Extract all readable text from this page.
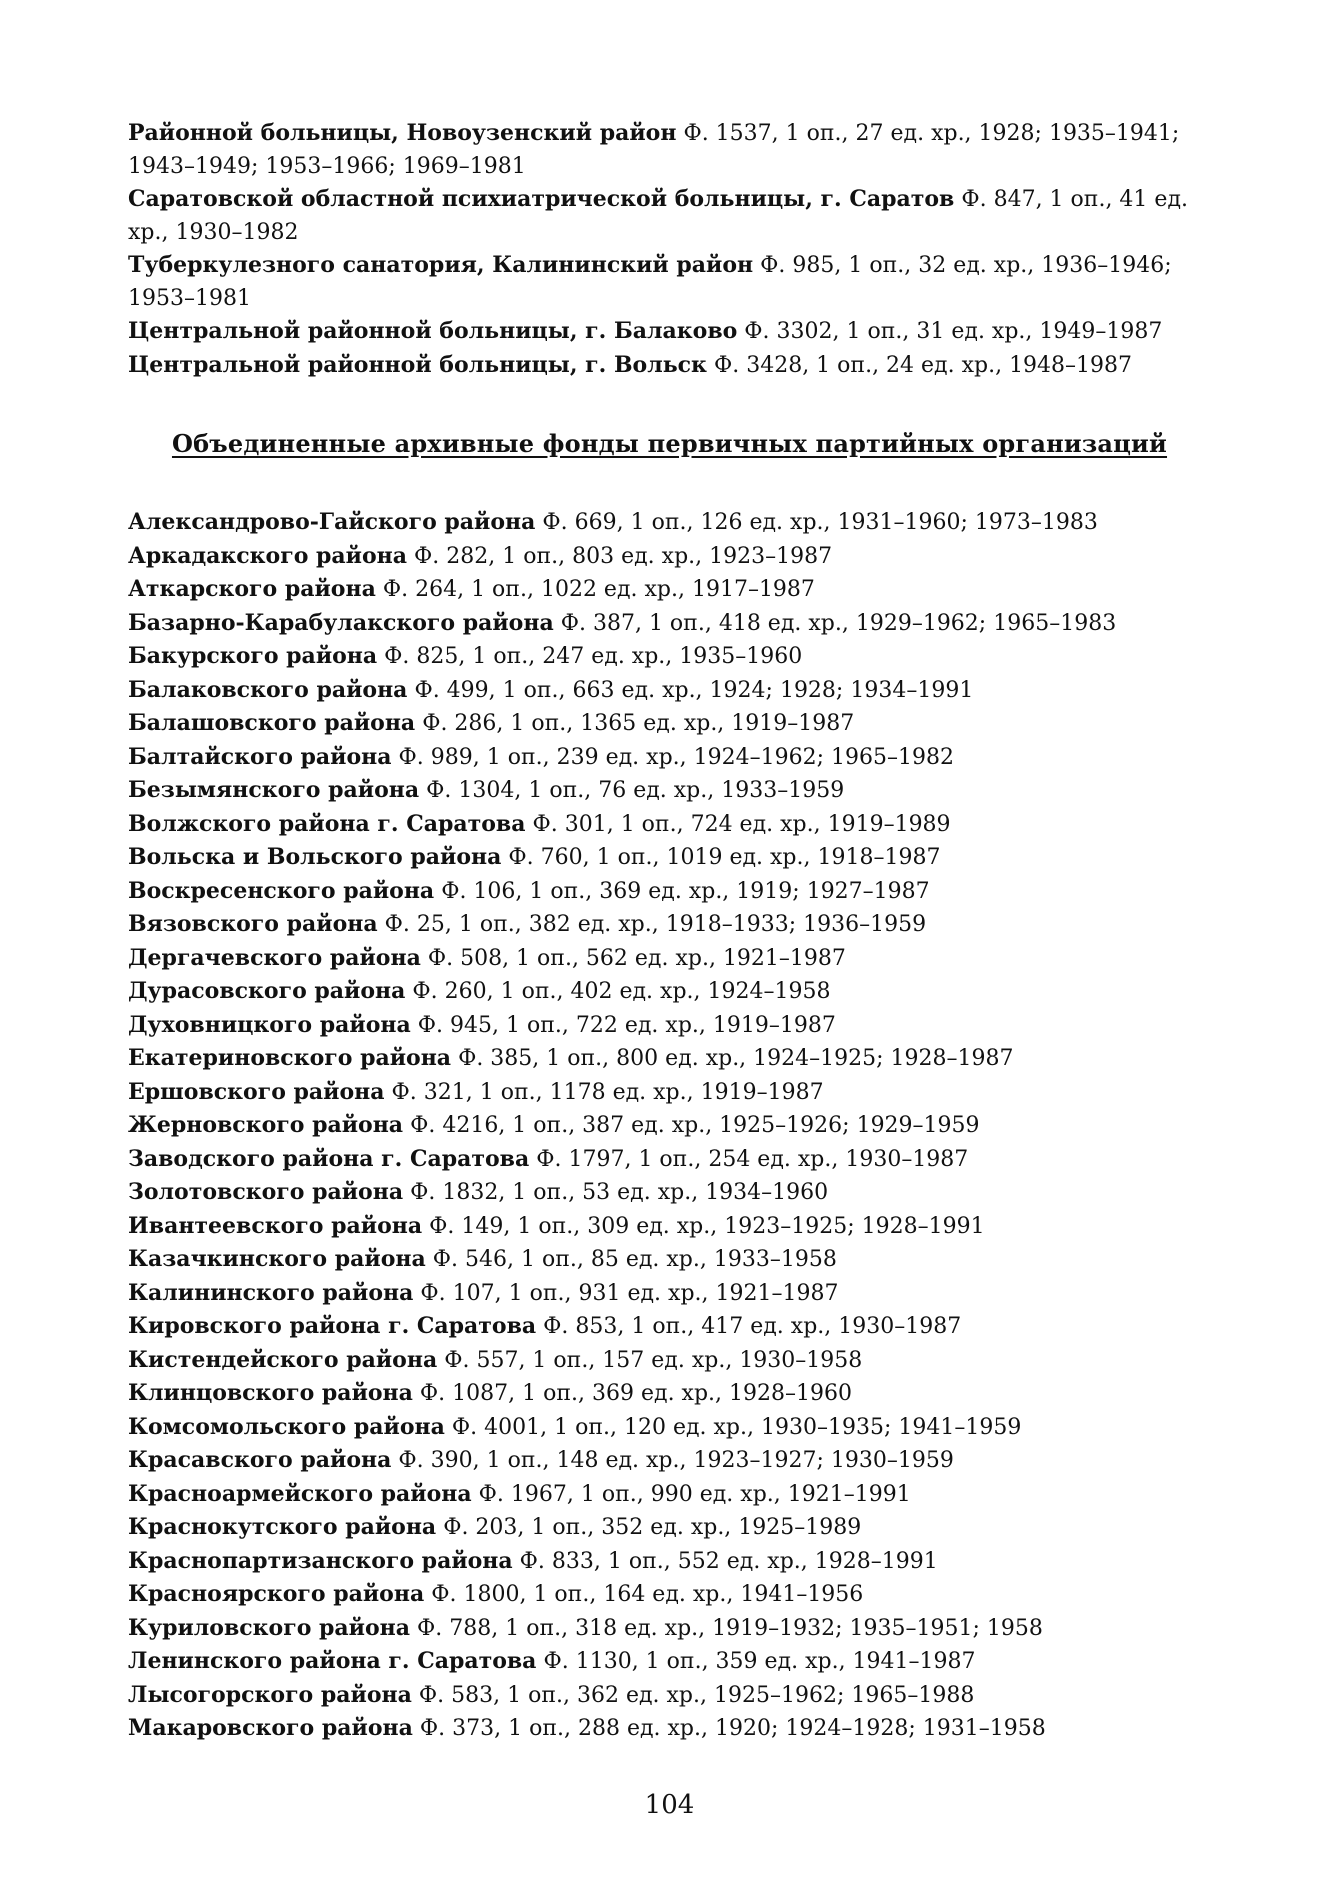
Районной больницы, Новоузенский район Ф. 1537, 1 оп., 27 ед. хр., 1928; 1935–1941; 1943–1949; 1953–1966; 1969–1981

Саратовской областной психиатрической больницы, г. Саратов Ф. 847, 1 оп., 41 ед. хр., 1930–1982

Туберкулезного санатория, Калининский район Ф. 985, 1 оп., 32 ед. хр., 1936–1946; 1953–1981

Центральной районной больницы, г. Балаково Ф. 3302, 1 оп., 31 ед. хр., 1949–1987

Центральной районной больницы, г. Вольск Ф. 3428, 1 оп., 24 ед. хр., 1948–1987

Объединенные архивные фонды первичных партийных организаций

Александрово-Гайского района Ф. 669, 1 оп., 126 ед. хр., 1931–1960; 1973–1983

Аркадакского района Ф. 282, 1 оп., 803 ед. хр., 1923–1987

Аткарского района Ф. 264, 1 оп., 1022 ед. хр., 1917–1987

Базарно-Карабулакского района Ф. 387, 1 оп., 418 ед. хр., 1929–1962; 1965–1983

Бакурского района Ф. 825, 1 оп., 247 ед. хр., 1935–1960

Балаковского района Ф. 499, 1 оп., 663 ед. хр., 1924; 1928; 1934–1991

Балашовского района Ф. 286, 1 оп., 1365 ед. хр., 1919–1987

Балтайского района Ф. 989, 1 оп., 239 ед. хр., 1924–1962; 1965–1982

Безымянского района Ф. 1304, 1 оп., 76 ед. хр., 1933–1959

Волжского района г. Саратова Ф. 301, 1 оп., 724 ед. хр., 1919–1989

Вольска и Вольского района Ф. 760, 1 оп., 1019 ед. хр., 1918–1987

Воскресенского района Ф. 106, 1 оп., 369 ед. хр., 1919; 1927–1987

Вязовского района Ф. 25, 1 оп., 382 ед. хр., 1918–1933; 1936–1959

Дергачевского района Ф. 508, 1 оп., 562 ед. хр., 1921–1987

Дурасовского района Ф. 260, 1 оп., 402 ед. хр., 1924–1958

Духовницкого района Ф. 945, 1 оп., 722 ед. хр., 1919–1987

Екатериновского района Ф. 385, 1 оп., 800 ед. хр., 1924–1925; 1928–1987

Ершовского района Ф. 321, 1 оп., 1178 ед. хр., 1919–1987

Жерновского района Ф. 4216, 1 оп., 387 ед. хр., 1925–1926; 1929–1959

Заводского района г. Саратова Ф. 1797, 1 оп., 254 ед. хр., 1930–1987

Золотовского района Ф. 1832, 1 оп., 53 ед. хр., 1934–1960

Ивантеевского района Ф. 149, 1 оп., 309 ед. хр., 1923–1925; 1928–1991

Казачкинского района Ф. 546, 1 оп., 85 ед. хр., 1933–1958

Калининского района Ф. 107, 1 оп., 931 ед. хр., 1921–1987

Кировского района г. Саратова Ф. 853, 1 оп., 417 ед. хр., 1930–1987

Кистендейского района Ф. 557, 1 оп., 157 ед. хр., 1930–1958

Клинцовского района Ф. 1087, 1 оп., 369 ед. хр., 1928–1960

Комсомольского района Ф. 4001, 1 оп., 120 ед. хр., 1930–1935; 1941–1959

Красавского района Ф. 390, 1 оп., 148 ед. хр., 1923–1927; 1930–1959

Красноармейского района Ф. 1967, 1 оп., 990 ед. хр., 1921–1991

Краснокутского района Ф. 203, 1 оп., 352 ед. хр., 1925–1989

Краснопартизанского района Ф. 833, 1 оп., 552 ед. хр., 1928–1991

Краснoярского района Ф. 1800, 1 оп., 164 ед. хр., 1941–1956

Куриловского района Ф. 788, 1 оп., 318 ед. хр., 1919–1932; 1935–1951; 1958

Ленинского района г. Саратова Ф. 1130, 1 оп., 359 ед. хр., 1941–1987

Лысогорского района Ф. 583, 1 оп., 362 ед. хр., 1925–1962; 1965–1988

Макаровского района Ф. 373, 1 оп., 288 ед. хр., 1920; 1924–1928; 1931–1958

104
